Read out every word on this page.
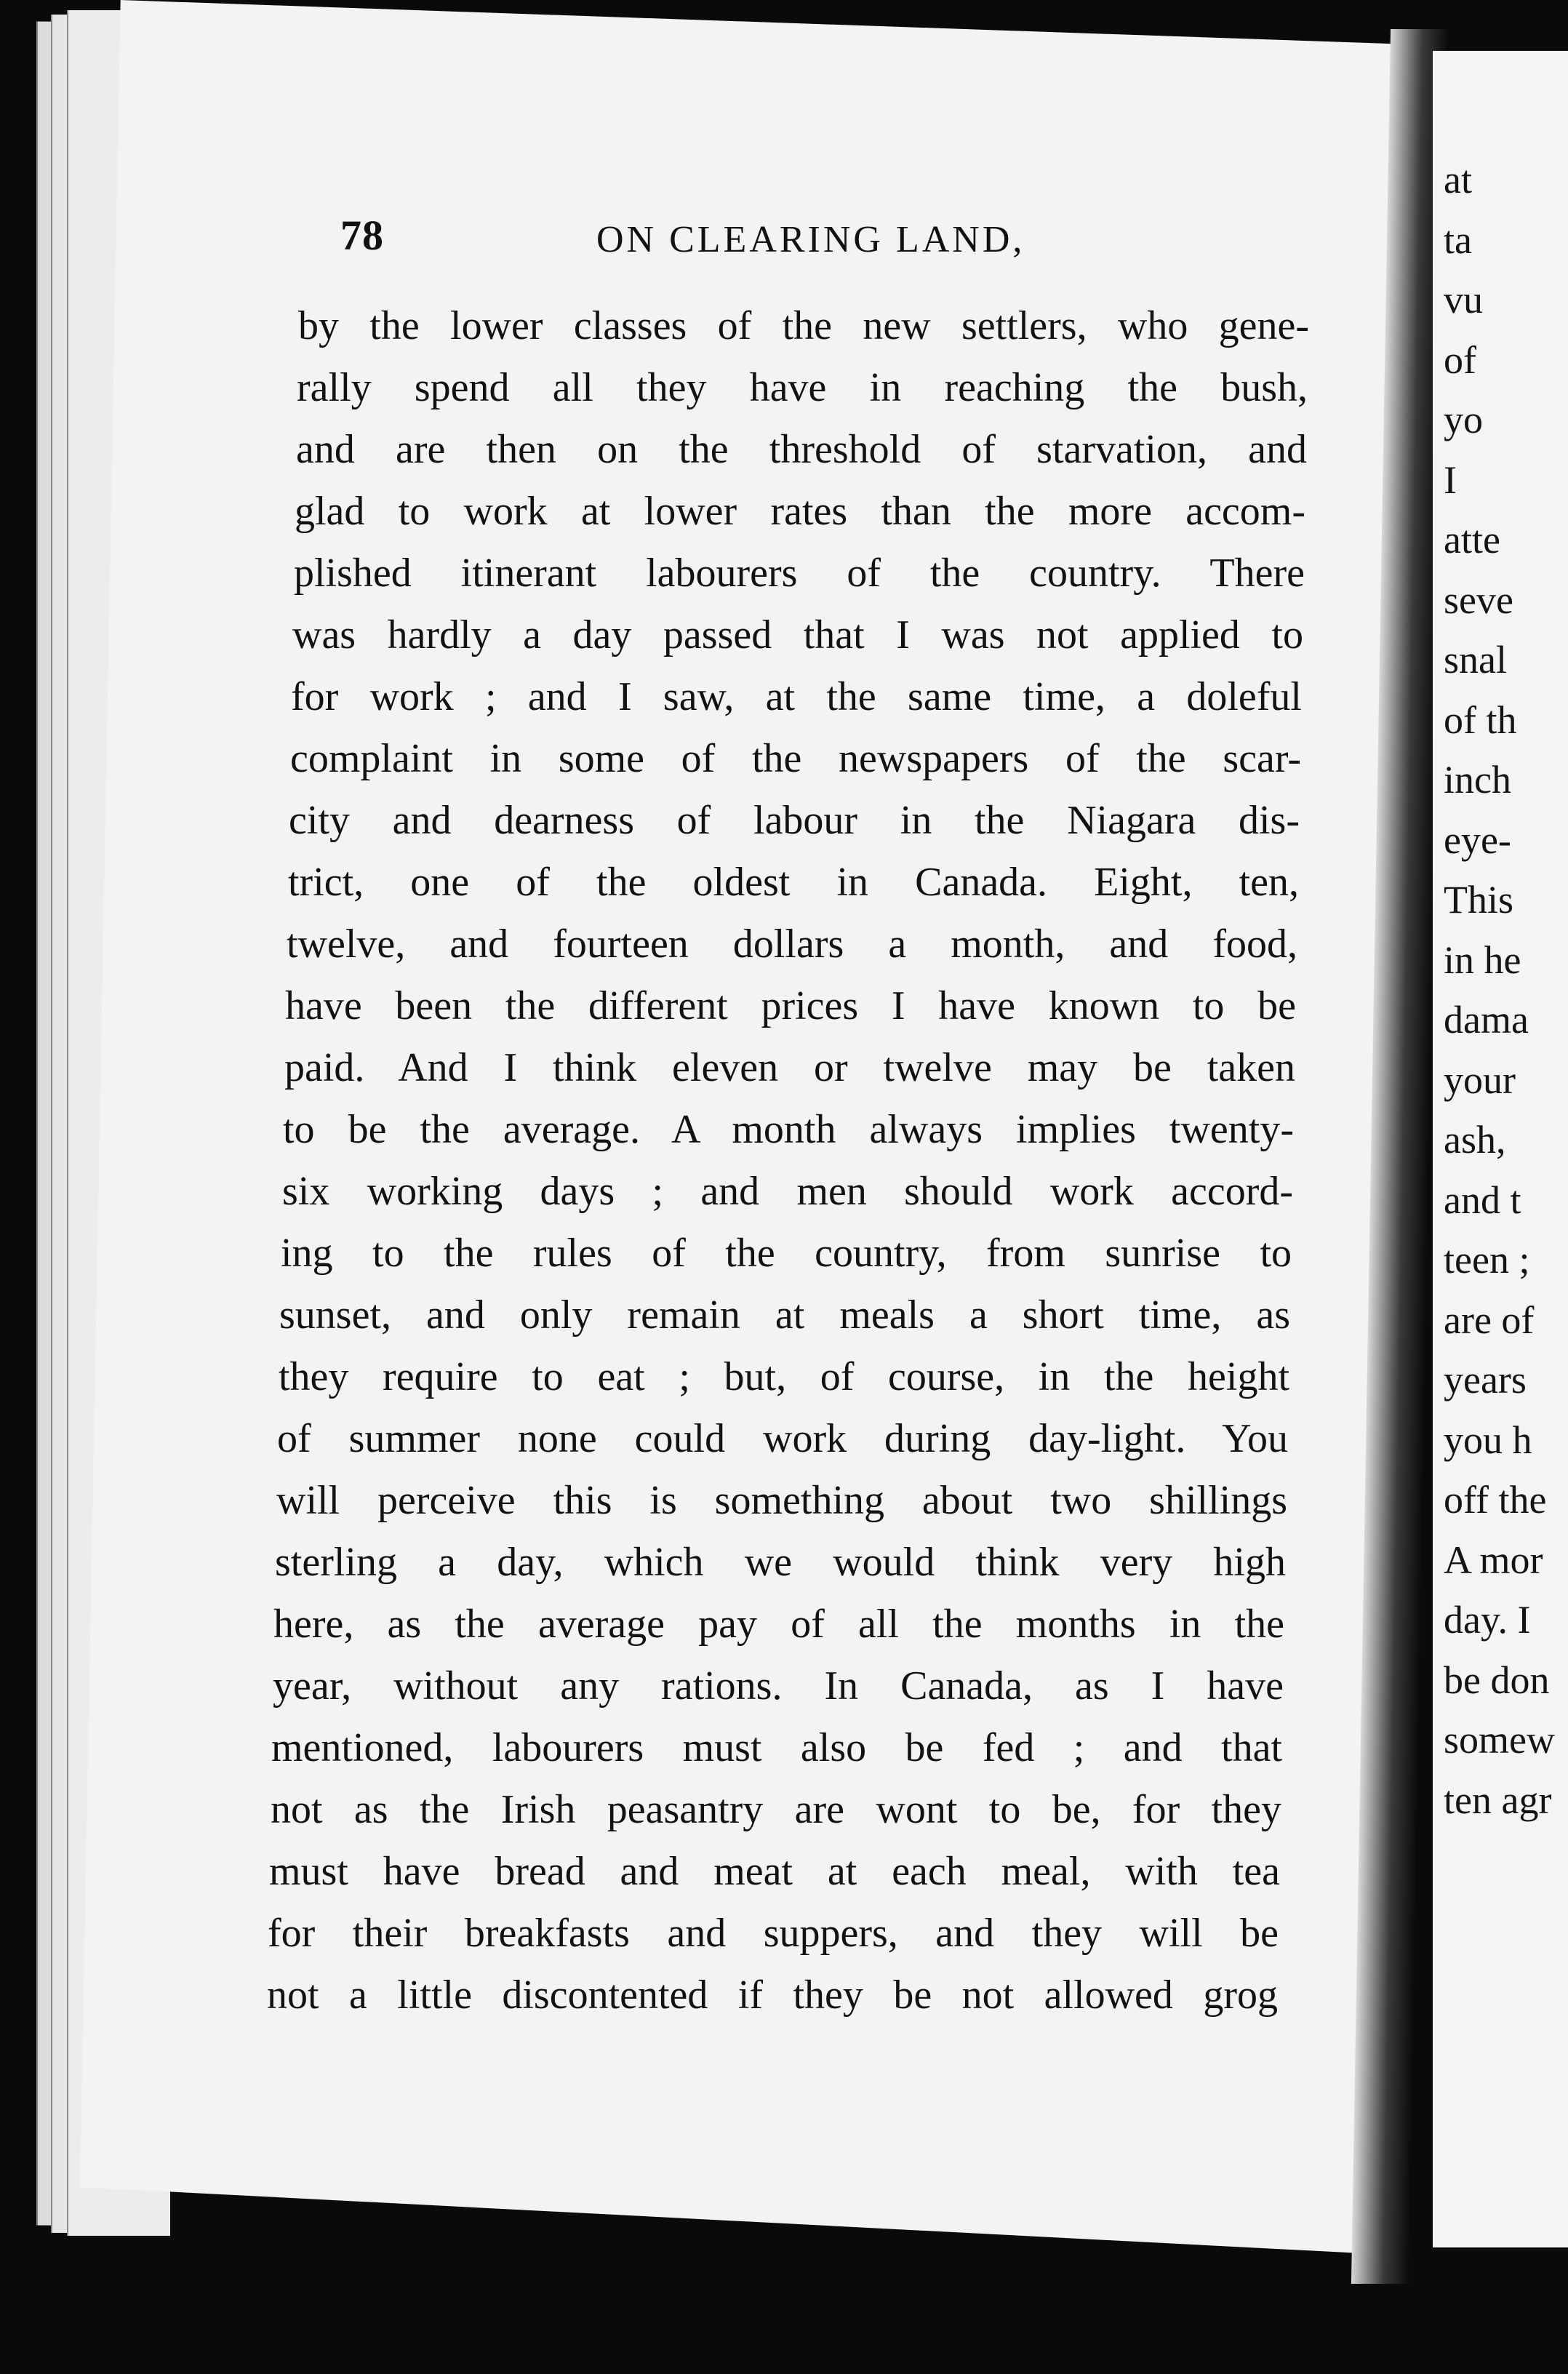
at
ta
vu
of
yo
I
atte
seve
snal
of th
inch
eye-
This
in he
dama
your
ash,
and t
teen ;
are of
years
you h
off the
A mor
day. I
be don
somew
ten agr
78	ON CLEARING LAND,
by the lower classes of the new settlers, who gene-
rally spend all they have in reaching the bush,
and are then on the threshold of starvation, and
glad to work at lower rates than the more accom-
plished itinerant labourers of the country. There
was hardly a day passed that I was not applied to
for work ; and I saw, at the same time, a doleful
complaint in some of the newspapers of the scar-
city and dearness of labour in the Niagara dis-
trict, one of the oldest in Canada. Eight, ten,
twelve, and fourteen dollars a month, and food,
have been the different prices I have known to be
paid. And I think eleven or twelve may be taken
to be the average. A month always implies twenty-
six working days ; and men should work accord-
ing to the rules of the country, from sunrise to
sunset, and only remain at meals a short time, as
they require to eat ; but, of course, in the height
of summer none could work during day-light. You
will perceive this is something about two shillings
sterling a day, which we would think very high
here, as the average pay of all the months in the
year, without any rations. In Canada, as I have
mentioned, labourers must also be fed ; and that
not as the Irish peasantry are wont to be, for they
must have bread and meat at each meal, with tea
for their breakfasts and suppers, and they will be
not a little discontented if they be not allowed grog
